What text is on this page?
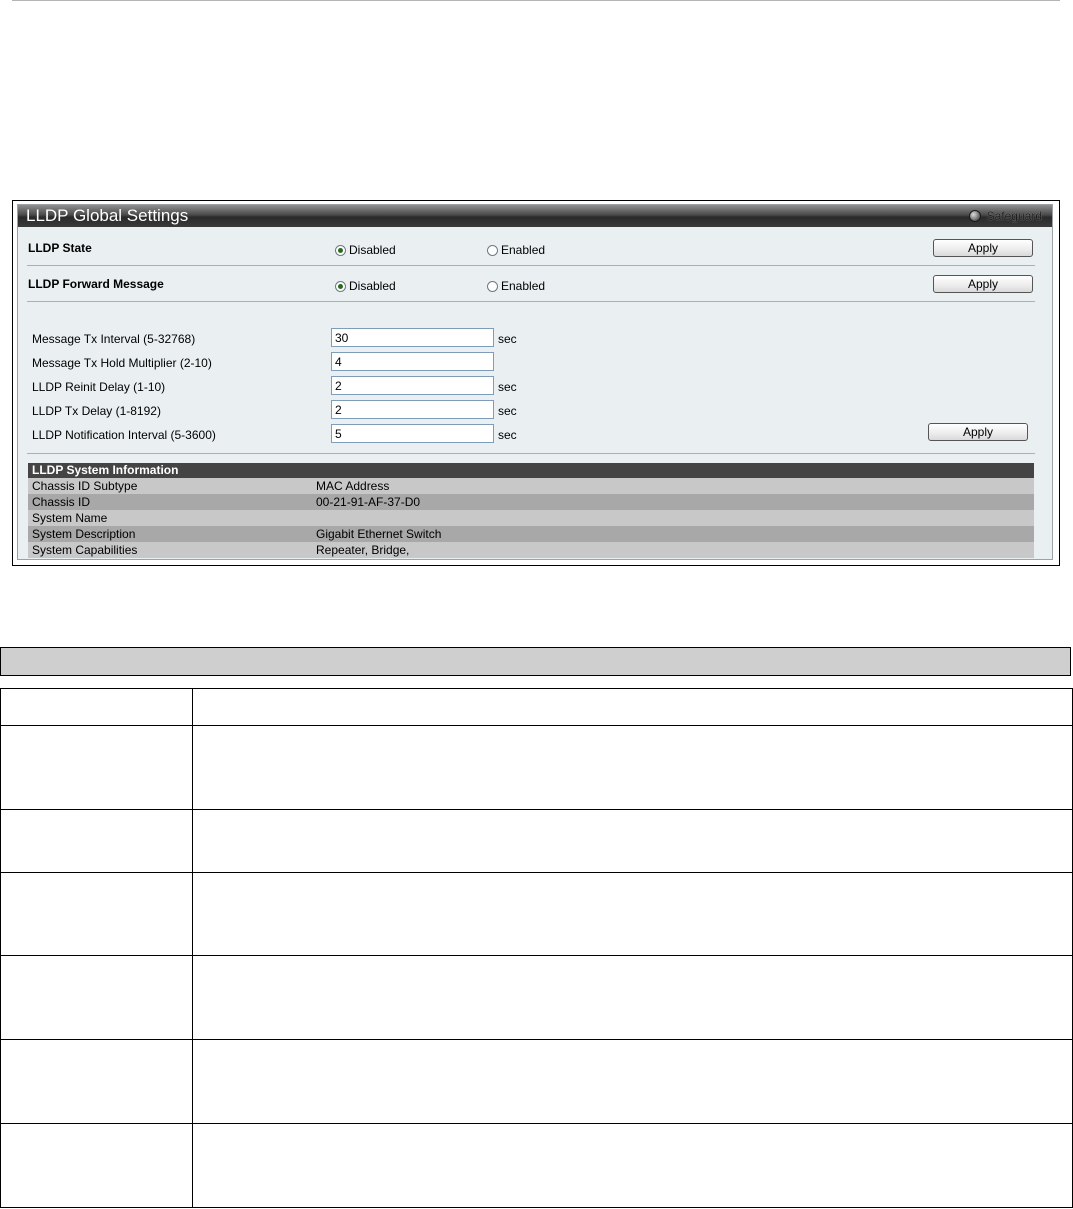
LLDP Global Settings	Safeguard
LLDP State	Disabled	Enabled	Apply
LLDP Forward Message	Disabled	Enabled	Apply
Message Tx Interval (5-32768)	30	sec
Message Tx Hold Multiplier (2-10)	4
LLDP Reinit Delay (1-10)	2	sec
LLDP Tx Delay (1-8192)	2	sec
LLDP Notification Interval (5-3600)	5	sec	Apply
LLDP System Information
Chassis ID Subtype	MAC Address
Chassis ID	00-21-91-AF-37-D0
System Name
System Description	Gigabit Ethernet Switch
System Capabilities	Repeater, Bridge,
